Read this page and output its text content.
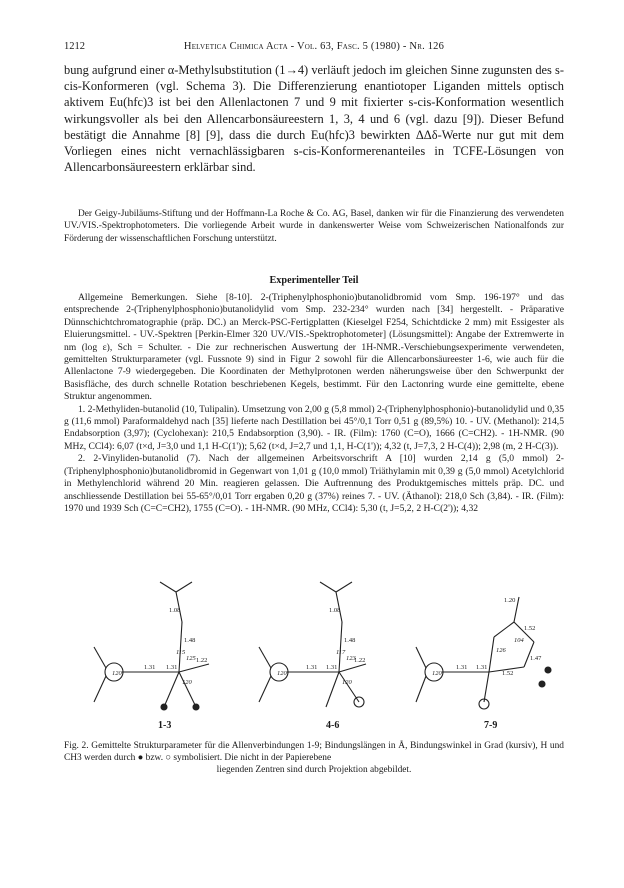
1212	Helvetica Chimica Acta - Vol. 63, Fasc. 5 (1980) - Nr. 126

bung aufgrund einer α-Methylsubstitution (1→4) verläuft jedoch im gleichen Sinne zugunsten des s-cis-Konformeren (vgl. Schema 3). Die Differenzierung enantiotoper Liganden mittels optisch aktivem Eu(hfc)3 ist bei den Allenlactonen 7 und 9 mit fixierter s-cis-Konformation wesentlich wirkungsvoller als bei den Allencarbonsäureestern 1, 3, 4 und 6 (vgl. dazu [9]). Dieser Befund bestätigt die Annahme [8] [9], dass die durch Eu(hfc)3 bewirkten ΔΔδ-Werte nur gut mit dem Vorliegen eines nicht vernachlässigbaren s-cis-Konformerenanteiles in TCFE-Lösungen von Allencarbonsäureestern erklärbar sind.

Der Geigy-Jubiläums-Stiftung und der Hoffmann-La Roche & Co. AG, Basel, danken wir für die Finanzierung des verwendeten UV./VIS.-Spektrophotometers. Die vorliegende Arbeit wurde in dankenswerter Weise vom Schweizerischen Nationalfonds zur Förderung der wissenschaftlichen Forschung unterstützt.

Experimenteller Teil

Allgemeine Bemerkungen. Siehe [8-10]. 2-(Triphenylphosphonio)butanolidbromid vom Smp. 196-197° und das entsprechende 2-(Triphenylphosphonio)butanolidylid vom Smp. 232-234° wurden nach [34] hergestellt. - Präparative Dünnschichtchromatographie (präp. DC.) an Merck-PSC-Fertigplatten (Kieselgel F254, Schichtdicke 2 mm) mit Essigester als Eluierungsmittel. - UV.-Spektren [Perkin-Elmer 320 UV./VIS.-Spektrophotometer] (Lösungsmittel): Angabe der Extremwerte in nm (log ε), Sch = Schulter. - Die zur rechnerischen Auswertung der 1H-NMR.-Verschiebungsexperimente verwendeten, gemittelten Strukturparameter (vgl. Fussnote 9) sind in Figur 2 sowohl für die Allencarbonsäureester 1-6, wie auch für die Allenlactone 7-9 wiedergegeben. Die Koordinaten der Methylprotonen werden näherungsweise über den Schwerpunkt der Basisfläche, des durch schnelle Rotation beschriebenen Kegels, bestimmt. Für den Lactonring wurde eine gemittelte, ebene Struktur angenommen.

1. 2-Methyliden-butanolid (10, Tulipalin). Umsetzung von 2,00 g (5,8 mmol) 2-(Triphenylphosphonio)-butanolidylid und 0,35 g (11,6 mmol) Paraformaldehyd nach [35] lieferte nach Destillation bei 45°/0,1 Torr 0,51 g (89,5%) 10. - UV. (Methanol): 214,5 Endabsorption (3,97); (Cyclohexan): 210,5 Endabsorption (3,90). - IR. (Film): 1760 (C=O), 1666 (C=CH2). - 1H-NMR. (90 MHz, CCl4): 6,07 (t×d, J=3,0 und 1,1 H-C(1')); 5,62 (t×d, J=2,7 und 1,1, H-C(1')); 4,32 (t, J=7,3, 2 H-C(4)); 2,98 (m, 2 H-C(3)).

2. 2-Vinyliden-butanolid (7). Nach der allgemeinen Arbeitsvorschrift A [10] wurden 2,14 g (5,0 mmol) 2-(Triphenylphosphonio)butanolidbromid in Gegenwart von 1,01 g (10,0 mmol) Triäthylamin mit 0,39 g (5,0 mmol) Acetylchlorid in Methylenchlorid während 20 Min. reagieren gelassen. Die Auftrennung des Produktgemisches mittels präp. DC. und anschliessende Destillation bei 55-65°/0,01 Torr ergaben 0,20 g (37%) reines 7. - UV. (Äthanol): 218,0 Sch (3,84). - IR. (Film): 1970 und 1939 Sch (C=C=CH2), 1755 (C=O). - 1H-NMR. (90 MHz, CCl4): 5,30 (t, J=5,2, 2 H-C(2')); 4,32

1.31 1.31
1.22
1.48
1.08
120
120
115
125
1.31 1.31
1.22
1.48
1.08
120
120
117
123
1.31 1.31
1.20
1.52
1.47
1.52
120
126
104
1-3	4-6	7-9

Fig. 2. Gemittelte Strukturparameter für die Allenverbindungen 1-9; Bindungslängen in Å, Bindungswinkel in Grad (kursiv), H und CH3 werden durch ● bzw. ○ symbolisiert. Die nicht in der Papierebene
liegenden Zentren sind durch Projektion abgebildet.
